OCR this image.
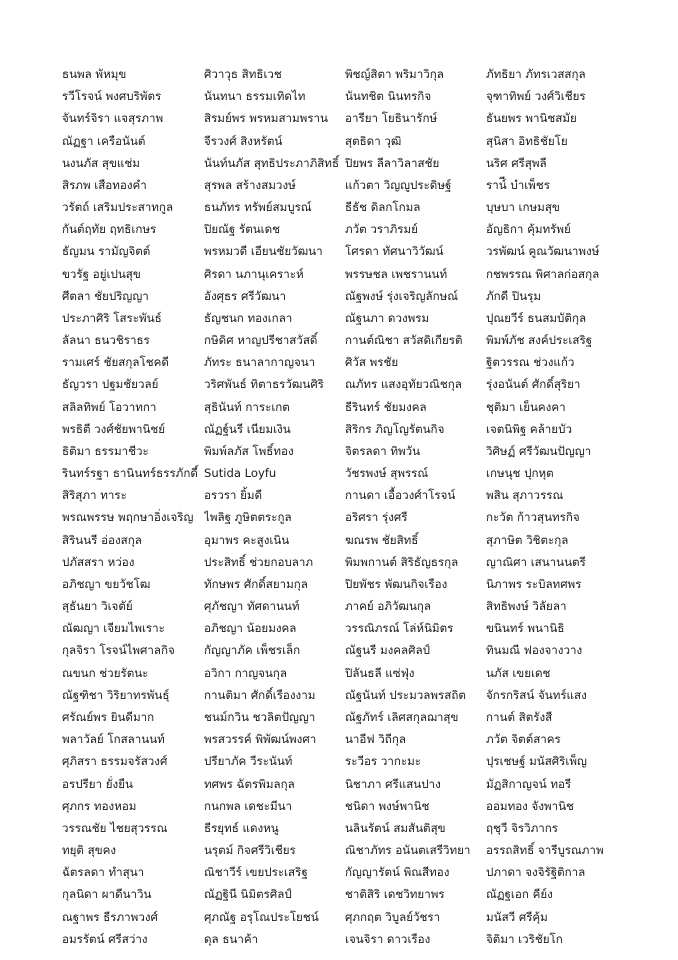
ธนพล พัหมุข
รวีโรจน์ พงศบริพัตร
จันทร์จิรา แจสุรภาพ
ณัฏฐา เครือนันต์
นงนภัส สุขแช่ม
สิรภพ เสือทองคำ
วรัตถ์ เสริมประสาทกูล
กันต์ฤทัย ฤทธิเกษร
ธัญมน รามัญจิตต์
ขวรัฐ อยู่เปนสุข
ศีตลา ชัยปริญญา
ประภาศิริ โสระพันธ์
ลัลนา ธนวชิราธร
รามเศร์ ชัยสกุลโชคดี
ธัญวรา ปฐมชัยวลย์
สลิลทิพย์ โอวาทกา
พรธิตี วงศ์ชัยพานิชย์
ธิติมา ธรรมาชีวะ
รินทร์รฐา ธานินทร์ธรรภักดี์
สิริสุภา ทาระ
พรณพรรษ พฤกษาอิ่งเจริญ
สิรินนรี อ่องสกุล
ปภัสสรา หว่อง
อภิชญา ขยวัชโฒ
สุธันยา วิเจตัย์
ณัฒญา เจียมไพเราะ
กุลจิรา โรจน์ไพศาลกิจ
ณขนก ช่วยรัตนะ
ณัฐฑิชา วิริยาทรพันธุ์
ศรัณย์พร ยินดีมาก
พลาวัลย์ โกสลานนท์
ศุภิสรา ธรรมจรัสวงศ์
อรปรียา ยั่งยืน
ศุภกร ทองหอม
วรรณชัย ไชยสุวรรณ
ทยุติ สุขคง
ฉัตรลดา ทำสุนา
กุลนิดา ผาดีนาวิน
ณฐาพร ธีรภาพวงศ์
อมรรัตน์ ศรีสว่าง
ศิวาวุธ สิทธิเวช
นันทนา ธรรมเทิดไท
สิรมย์พร พรหมสามพราน
จีรวงศ์ สิงหรัตน์
นันท์นภัส สุทธิประภาภิสิทธิ์
สุรพล สร้างสมวงษ์
ธนภัทร ทรัพย์สมบูรณ์
ปิยณัฐ รัตนเดช
พรหมวดี เอียนชัยวัฒนา
ศิรดา นภานุเคราะห์
อังศุธร ศรีวัฒนา
ธัญชนก ทองเกลา
กษิดิศ หาญปรีชาสวัสดิ์
ภัทระ ธนาลากาญจนา
วริศพันธ์ ทิตาธรวัฒนศิริ
สุธินันท์ การะเกต
ณัฏฐ์นรี เนียมเงิน
พิมพ์ลภัส โพธิ์ทอง
Sutida Loyfu
อรวรา ยิ้มดี
ไพลิฐ ภูษิตตระกูล
อุมาพร คะสูงเนิน
ประสิทธิ์ ช่วยกอบลาภ
ทักษพร ศักดิ์สยามกุล
ศุภัชญา ทัศดานนท์
อภิชญา น้อยมงคล
กัญญาภัค เพ็ชรเล็ก
อวิกา กาญจนกุล
กานติมา ศักดิ์เรืองงาม
ชนม์กวิน ชวลิตปัญญา
พรสวรรค์ พิพัฒน์พงศา
ปรียาภัค วีระนันท์
ทศพร ฉัตรพิมลกุล
กนกพล เดชะมีนา
ธีรยุทธ์ แดงหนู
นรุตม์ กิจศรีวิเชียร
ณิชาวีร์ เขยประเสริฐ
ณัฏฐินี นิมิตรศิลป์
ศุภณัฐ อรุโณประโยชน์
ดุล ธนาค้า
พิชญ์สิตา พริมาวิกุล
นันทชิต นินทรกิจ
อารียา โยธินารักษ์
สุตธิดา วุฒิ
ปิยพร ลีลาวิลาสชัย
แก้วตา วิญญูประดิษฐ์
ธีธัช ดิลกโกมล
ภวัต วราภิรมย์
โศรดา ทัศนาวิวัฒน์
พรรษชล เพชรานนท์
ณัฐพงษ์ รุ่งเจริญลักษณ์
ณัฐนภา ดวงพรม
กานต์ณิชา สวัสดิเกียรติ
ศิวัส พรชัย
ณภัทร แสงอุทัยวณิชกุล
ธีรินทร์ ชัยมงคล
สิริกร ภิญโญรัตนกิจ
จิตรลดา ทิพวัน
วัชรพงษ์ สุพรรณ์
กานดา เอื้อวงศ์าโรจน์
อริศรา รุ่งศรี
ฆณรพ ชัยสิทธิ์
พิมพกานต์ สิริธัญธรกุล
ปิยพัชร พัฒนกิจเรือง
ภาคย์ อภิวัฒนกุล
วรรณิภรณ์ โล่ห์นิมิตร
ณัฐนรี มงคลศิลป์
ปิลันธลี แซ่ฟุ่ง
ณัฐนันท์ ประมวลพรสถิต
ณัฐภัทร์ เลิศสกุลฌาสุข
นาอีฟ วิถีกุล
ระวีอร วากะมะ
นิชาภา ศรีแสนปาง
ชนิดา พงษ์พานิช
นลินรัตน์ สมสันติสุข
ณิชาภัทร อนันตเสรีวิทยา
กัญญารัตน์ พิณสีทอง
ชาติสิริ เดชวิทยาพร
ศุภกฤต วิบูลย์วัชรา
เจนจิรา ดาวเรือง
ภัทธิยา ภัทรเวสสกุล
จุฑาทิพย์ วงศ์วิเชียร
ธันยพร พานิชสมัย
สุนิสา อิทธิชัยโย
นริศ ศรีสุพลี
ราน์ี บำเพ็ชร
บุษบา เกษมสุข
อัญธิกา คุ้มทรัพย์
วรพัฒน์ คูณวัฒนาพงษ์
กชพรรณ พิศาลก่อสกุล
ภักดี ปินรุม
ปุณยวีร์ ธนสมบัติกุล
พิมพ์ภัช สงค์ประเสริฐ
ฐิตวรรณ ช่วงแก้ว
รุ่งอนันต์ ศักดิ์สุริยา
ชุติมา เย็นคงคา
เจตนิพิฐ คล้ายบัว
วิศิษฏ์ ศรีวัฒนปัญญา
เกษนุช ปุกหุต
พสิน สุภาวรรณ
กะวัต ก้าวสุนทรกิจ
สุภาษิต วิชิตะกุล
ญาณิศา เสนานนตรี
นิภาพร ระบิลทศพร
สิทธิพงษ์ วิลัยลา
ขนินทร์ พนานิธิ
ทินมณี ฟองจางวาง
นภัส เขยเดช
จักรกริสน์ จันทร์แสง
กานต์ สิตรังสี
ภวัต จิตต์สาคร
ปุรเชษฐ์ มนัสศิริเพ็ญ
มัฏสิกาญจน์ ทอรี
ออมทอง จังพานิช
ฤชุวี จิรวิภากร
อรรถสิทธิ์ จารีบูรณภาพ
ปภาดา จงจิรัฐิติกาล
ณัฏฐเอก คีย์ง
มนัสวี ศรีคุ้ม
จิติมา เวริชัยโก
